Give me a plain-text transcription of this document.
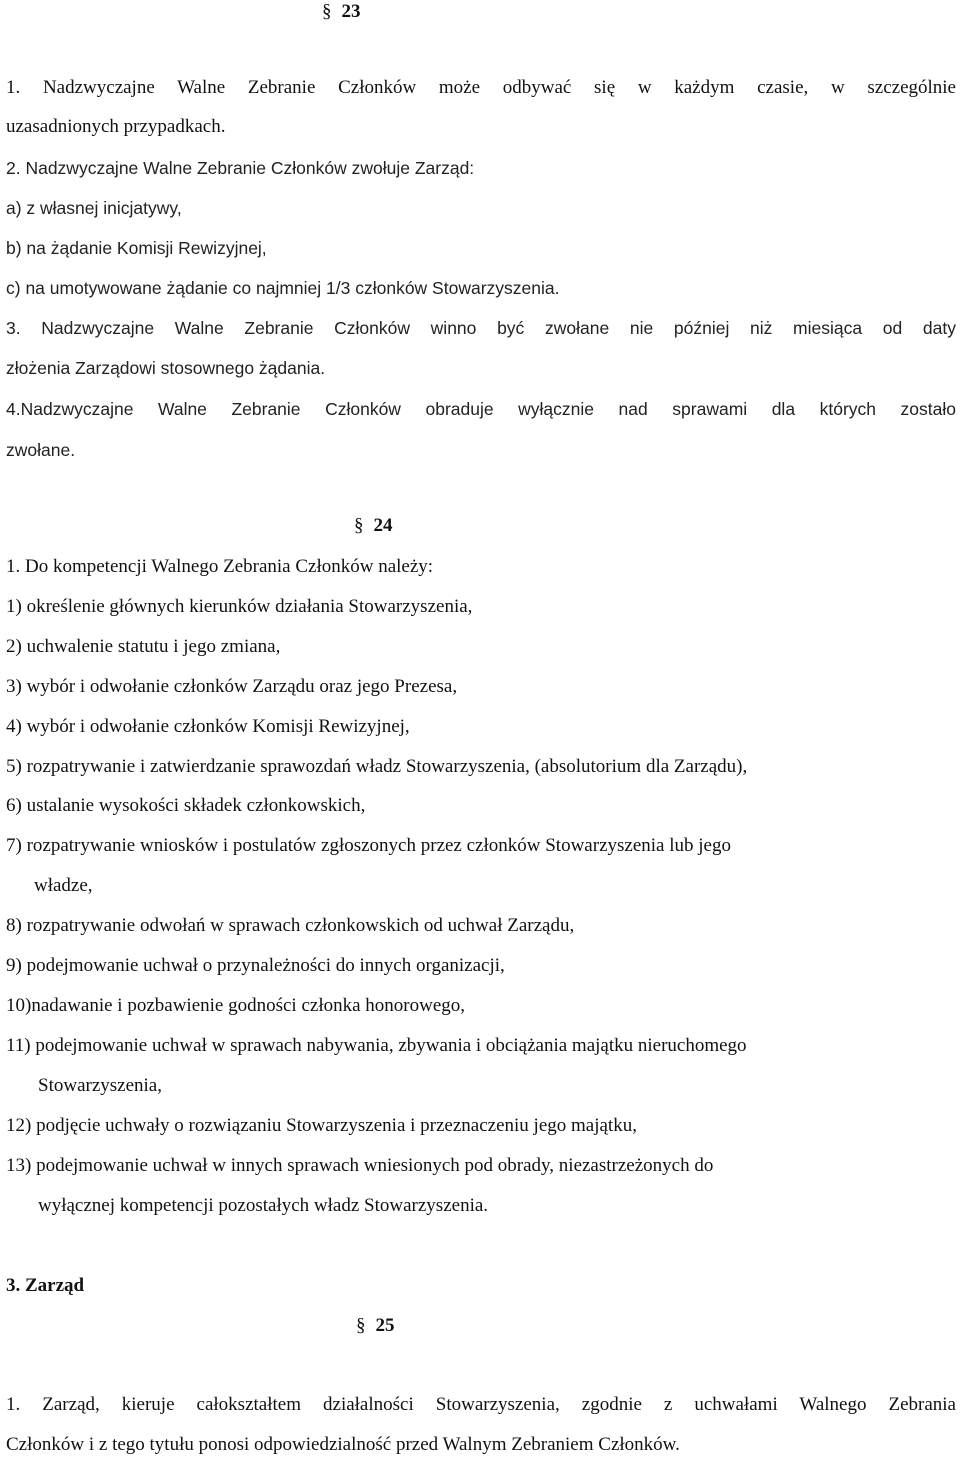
§ 23
1. Nadzwyczajne Walne Zebranie Członków może odbywać się w każdym czasie, w szczególnie
uzasadnionych przypadkach.
2. Nadzwyczajne Walne Zebranie Członków zwołuje Zarząd:
a) z własnej inicjatywy,
b) na żądanie Komisji Rewizyjnej,
c) na umotywowane żądanie co najmniej 1/3 członków Stowarzyszenia.
3. Nadzwyczajne Walne Zebranie Członków winno być zwołane nie później niż miesiąca od daty
złożenia Zarządowi stosownego żądania.
4.Nadzwyczajne Walne Zebranie Członków obraduje wyłącznie nad sprawami dla których zostało
zwołane.
§ 24
1. Do kompetencji Walnego Zebrania Członków należy:
1) określenie głównych kierunków działania Stowarzyszenia,
2) uchwalenie statutu i jego zmiana,
3) wybór i odwołanie członków Zarządu oraz jego Prezesa,
4) wybór i odwołanie członków Komisji Rewizyjnej,
5) rozpatrywanie i zatwierdzanie sprawozdań władz Stowarzyszenia, (absolutorium dla Zarządu),
6) ustalanie wysokości składek członkowskich,
7) rozpatrywanie wniosków i postulatów zgłoszonych przez członków Stowarzyszenia lub jego
władze,
8) rozpatrywanie odwołań w sprawach członkowskich od uchwał Zarządu,
9) podejmowanie uchwał o przynależności do innych organizacji,
10)nadawanie i pozbawienie godności członka honorowego,
11) podejmowanie uchwał w sprawach nabywania, zbywania i obciążania majątku nieruchomego
Stowarzyszenia,
12) podjęcie uchwały o rozwiązaniu Stowarzyszenia i przeznaczeniu jego majątku,
13) podejmowanie uchwał w innych sprawach wniesionych pod obrady, niezastrzeżonych do
wyłącznej kompetencji pozostałych władz Stowarzyszenia.
3. Zarząd
§ 25
1. Zarząd, kieruje całokształtem działalności Stowarzyszenia, zgodnie z uchwałami Walnego Zebrania
Członków i z tego tytułu ponosi odpowiedzialność przed Walnym Zebraniem Członków.
